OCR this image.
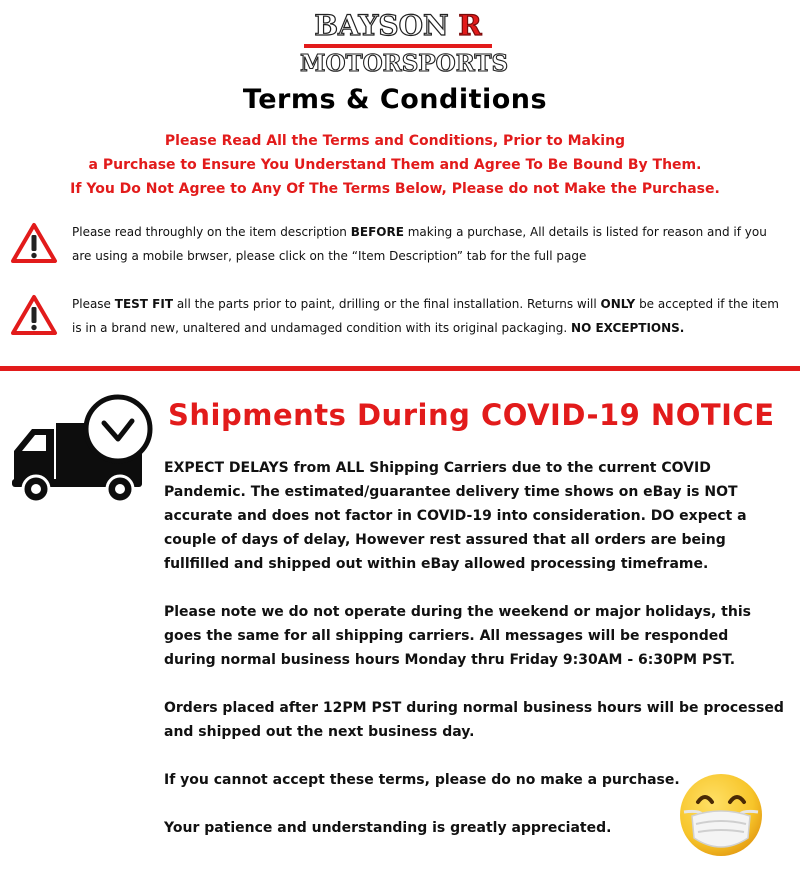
BAYSON R
MOTORSPORTS
Terms & Conditions
Please Read All the Terms and Conditions, Prior to Making
a Purchase to Ensure You Understand Them and Agree To Be Bound By Them.
If You Do Not Agree to Any Of The Terms Below, Please do not Make the Purchase.
Please read throughly on the item description BEFORE making a purchase, All details is listed for reason and if you are using a mobile brwser, please click on the “Item Description” tab for the full page
Please TEST FIT all the parts prior to paint, drilling or the final installation. Returns will ONLY be accepted if the item is in a brand new, unaltered and undamaged condition with its original packaging. NO EXCEPTIONS.
Shipments During COVID-19 NOTICE

EXPECT DELAYS from ALL Shipping Carriers due to the current COVID Pandemic. The estimated/guarantee delivery time shows on eBay is NOT accurate and does not factor in COVID-19 into consideration. DO expect a couple of days of delay, However rest assured that all orders are being fullfilled and shipped out within eBay allowed processing timeframe.

Please note we do not operate during the weekend or major holidays, this goes the same for all shipping carriers. All messages will be responded during normal business hours Monday thru Friday 9:30AM - 6:30PM PST.

Orders placed after 12PM PST during normal business hours will be processed and shipped out the next business day.

If you cannot accept these terms, please do no make a purchase.

Your patience and understanding is greatly appreciated.
